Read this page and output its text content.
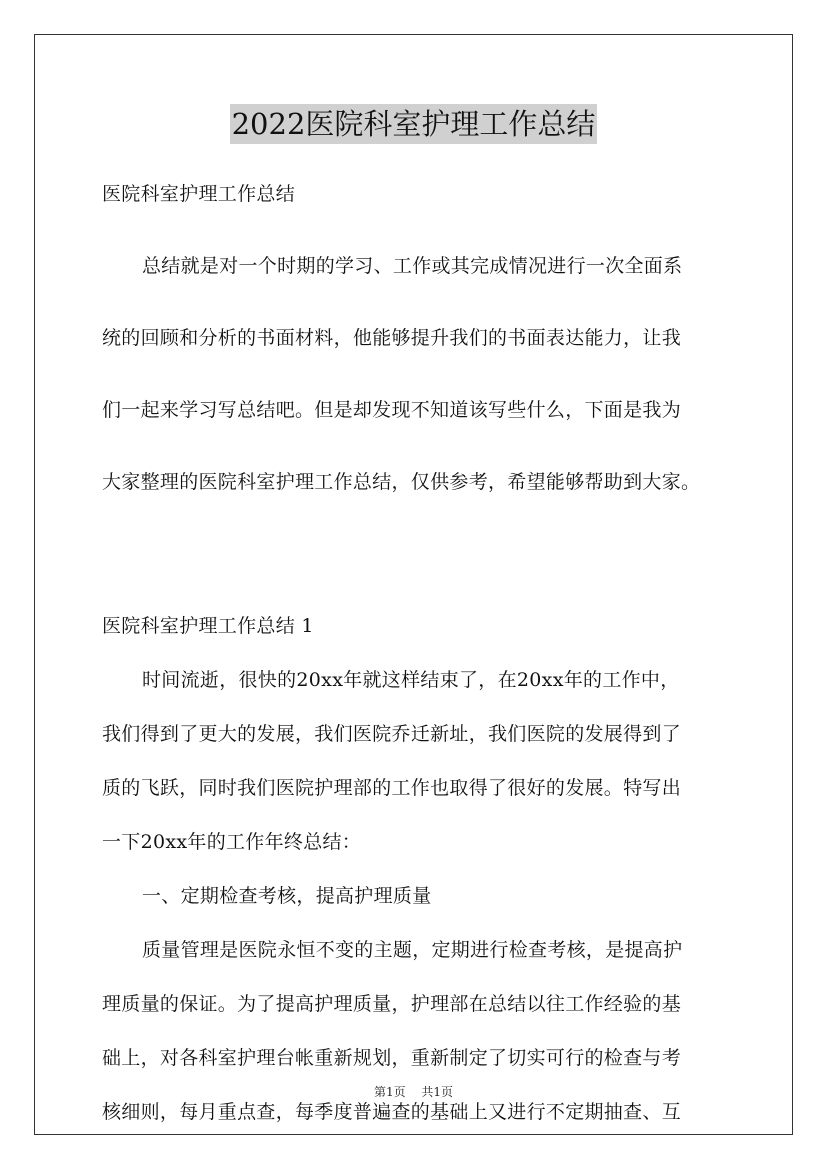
2022医院科室护理工作总结
医院科室护理工作总结
总结就是对一个时期的学习、工作或其完成情况进行一次全面系
统的回顾和分析的书面材料，他能够提升我们的书面表达能力，让我
们一起来学习写总结吧。但是却发现不知道该写些什么，下面是我为
大家整理的医院科室护理工作总结，仅供参考，希望能够帮助到大家。
医院科室护理工作总结 1
时间流逝，很快的20xx年就这样结束了，在20xx年的工作中，
我们得到了更大的发展，我们医院乔迁新址，我们医院的发展得到了
质的飞跃，同时我们医院护理部的工作也取得了很好的发展。特写出
一下20xx年的工作年终总结：
一、定期检查考核，提高护理质量
质量管理是医院永恒不变的主题，定期进行检查考核，是提高护
理质量的保证。为了提高护理质量，护理部在总结以往工作经验的基
础上，对各科室护理台帐重新规划，重新制定了切实可行的检查与考
核细则，每月重点查，每季度普遍查的基础上又进行不定期抽查、互
第1页 共1页
